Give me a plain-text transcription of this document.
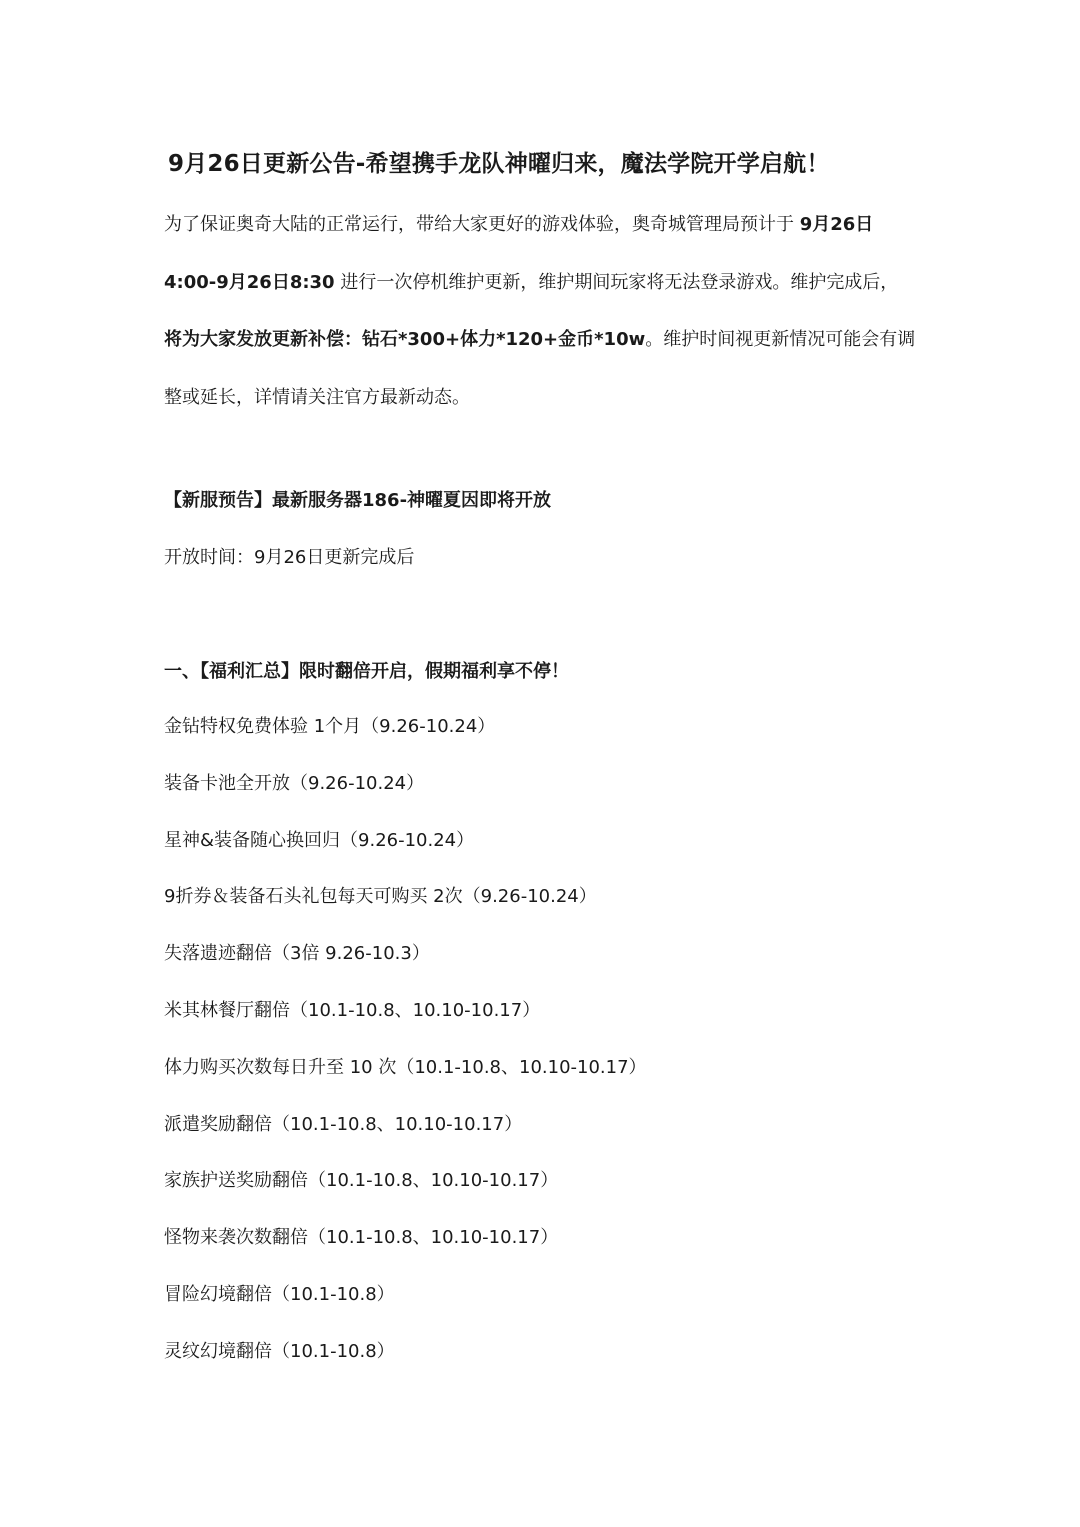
9月26日更新公告-希望携手龙队神曜归来，魔法学院开学启航！
为了保证奥奇大陆的正常运行，带给大家更好的游戏体验，奥奇城管理局预计于 9月26日
4:00-9月26日8:30 进行一次停机维护更新，维护期间玩家将无法登录游戏。维护完成后，
将为大家发放更新补偿：钻石*300+体力*120+金币*10w。维护时间视更新情况可能会有调
整或延长，详情请关注官方最新动态。
【新服预告】最新服务器186-神曜夏因即将开放
开放时间：9月26日更新完成后
一、【福利汇总】限时翻倍开启，假期福利享不停！
金钻特权免费体验 1个月（9.26-10.24）
装备卡池全开放（9.26-10.24）
星神&装备随心换回归（9.26-10.24）
9折券＆装备石头礼包每天可购买 2次（9.26-10.24）
失落遗迹翻倍（3倍 9.26-10.3）
米其林餐厅翻倍（10.1-10.8、10.10-10.17）
体力购买次数每日升至 10 次（10.1-10.8、10.10-10.17）
派遣奖励翻倍（10.1-10.8、10.10-10.17）
家族护送奖励翻倍（10.1-10.8、10.10-10.17）
怪物来袭次数翻倍（10.1-10.8、10.10-10.17）
冒险幻境翻倍（10.1-10.8）
灵纹幻境翻倍（10.1-10.8）
